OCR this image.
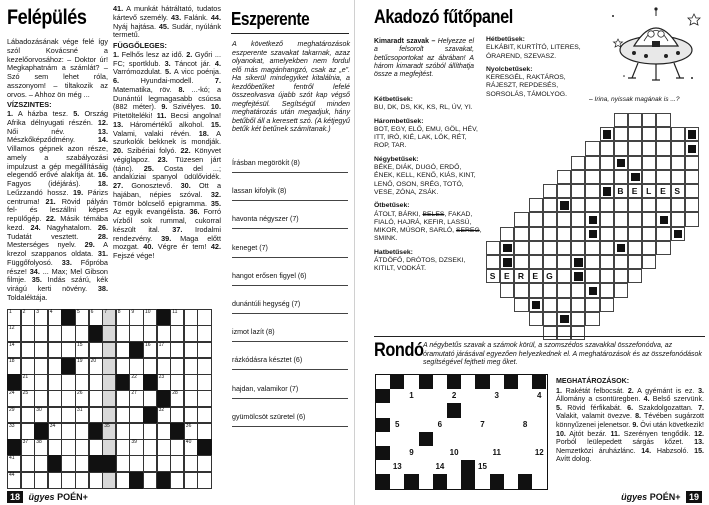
Felépülés

Lábadozásának vége felé így szól Kovácsné a kezelőorvosához: – Doktor úr! Megkaphatnám a számlát? – Szó sem lehet róla, asszonyom! – tiltakozik az orvos. – Ahhoz ön még ...

VÍZSZINTES:

1. A házba tesz. 5. Ország Afrika délnyugati részén. 12. Női név. 13. Mészkőképződmény. 14. Villamos gépnek azon része, amely a szabályozási impulzust a gép megállításáig elegendő erővé alakítja át. 16. Fagyos (idéjárás). 18. Leűzzandó hossz. 19. Párizs centruma! 21. Rövid pályán fel- és leszállni képes repülőgép. 22. Másik témába kezd. 24. Nagyhatalom. 26. Tudatát vesztett. 28. Mesterséges nyelv. 29. A krezol szappanos oldata. 31. Függőfolyosó. 33. Főpróba része! 34. ... Max; Mel Gibson filmje. 35. Indás szárú, kék virágú kerti növény. 38. Toldaléktája.

41. A munkát hátráltató, tudatos kártevő személy. 43. Falánk. 44. Nyáj hajtása. 45. Sudár, nyúlánk termetű.

FÜGGŐLEGES:

1. Felhős lesz az idő. 2. Győri ... FC; sportklub. 3. Táncot jár. 4. Varrómozdulat. 5. A vicc poénja. 6. Hyundai-modell. 7. Matematika, röv. 8. ...-kó; a Dunántúl legmagasabb csúcsa (882 méter). 9. Szivélyes. 10. Pitetölteléki! 11. Becsi angolna! 13. Háromértékű alkohol. 15. Valami, valaki révén. 18. A szurkolók bekknek is mondják. 20. Szibériai folyó. 22. Könyvet végiglapoz. 23. Tüzesen járt (tánc). 25. Costa del ...; andalúziai spanyol üdülővidék. 27. Gonosztevő. 30. Ott a hajában, népies szóval. 32. Tömör bölcselő epigramma. 35. Az egyik evangélista. 36. Forró vízből sok rummal, cukorral készült ital. 37. Irodalmi rendezvény. 39. Maga előtt mozgat. 40. Végre ér tem! 42. Fejszé vége!

1 2 3 4	5 6 7 8 9 10	11
12
14	15	16 17
18	19 20
21	22	23
24 25	26	27	28
29	30	31	32
33	34	35	36
37 38	39	40
41
44
Eszperente
A következő meghatározások eszperente szavakat takarnak, azaz olyanokat, amelyekben nem fordul elő más magánhangzó, csak az „e”. Ha sikerül mindegyiket kitalálnia, a kezdőbetűket fentről lefelé összeolvasva újabb szót kap végső megfejtésül. Segítségül minden meghatározás után megadjuk, hány betűből áll a keresett szó. (A kétjegyű betűk két betűnek számítanak.)
Írásban megörökít (8)
lassan kifolyik (8)
havonta négyszer (7)
keneget (7)
hangot erősen figyel (6)
dunántúli hegység (7)
izmot lazít (8)
rázkódásra késztet (6)
hajdan, valamikor (7)
gyümölcsöt szüretel (6)
Akadozó fűtőpanel
Kimaradt szavak – Helyezze el a felsorolt szavakat, betűcsoportokat az ábrában! A három kimaradt szóból állíthatja össze a megfejtést.
Kétbetűsek:
BU, DK, DS, KK, KS, RL, ÚV, YI.
Hárombetűsek:
BOT, EGY, ELŐ, EMU, GÖL, HÉV, ITT, IRÓ, KIÉ, LAK, LÖK, RÉT, ROP, TAR.
Négybetűsek:
BÉKE, DIÁK, DUGÓ, ERDŐ, ÉNEK, KELL, KENŐ, KIÁS, KINT, LENŐ, OSON, SRÉG, TOTÓ, VESE, ZÓNA, ZSÁK.
Ötbetűsek:
ÁTOLT, BÁRKI, BELES, FAKAD, FIALÓ, HAJRÁ, KEFIR, LASSÚ, MIKOR, MÚSOR, SARLÓ, SEREG, SMINK.
Hatbetűsek:
ÁTDÖFŐ, DRÓTOS, DZSEKI, KITILT, VODKÁT.
Hétbetűsek:
ELKÁBIT, KURTÍTÓ, LITERES, ÓRAREND, SZEVASZ.
Nyolcbetűsek:
KERESGÉL, RAKTÁROS, RÁJESZT, REPDESÉS, SORSOLÁS, TÁMOLYOG.
– Irina, nyissak magának is ...?
B E L E S
S E R E G
Rondó A négybetűs szavak a számok körül, a szomszédos szavakkal összefonódva, az óramutató járásával egyezően helyezkednek el. A meghatározások és az összefonódások segítségével fejtheti meg őket.
1	2	3	4
5	6	7	8
9	10	11	12
13	14	15
MEGHATÁROZÁSOK:

1. Rakétát felbocsát. 2. A gyémánt is ez. 3. Állomány a csontüregben. 4. Belső szervünk. 5. Rövid férfikabát. 6. Szakdolgozattan. 7. Valakit, valamit övezve. 8. Tévében sugárzott könnyűzenei jelenetsor. 9. Övi után következik! 10. Ajtót bezár. 11. Szerényen tengődik. 12. Porból leülepedett sárgás kőzet. 13. Nemzetközi áruházlánc. 14. Habzsoló. 15. Avítt dolog.

18 ügyes POÉN+	ügyes POÉN+ 19
